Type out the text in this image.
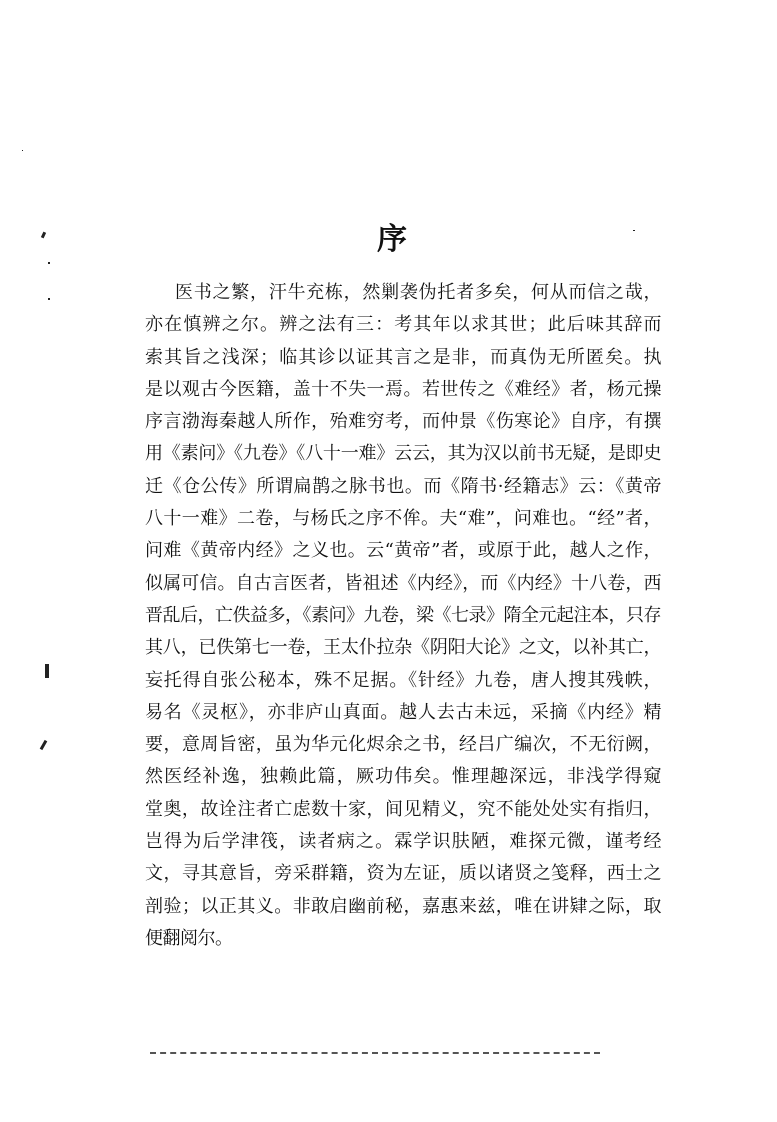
序
医书之繁，汗牛充栋，然剿袭伪托者多矣，何从而信之哉，
亦在慎辨之尔。辨之法有三：考其年以求其世；此后味其辞而
索其旨之浅深；临其诊以证其言之是非，而真伪无所匿矣。执
是以观古今医籍，盖十不失一焉。若世传之《难经》者，杨元操
序言渤海秦越人所作，殆难穷考，而仲景《伤寒论》自序，有撰
用《素问》《九卷》《八十一难》云云，其为汉以前书无疑，是即史
迁《仓公传》所谓扁鹊之脉书也。而《隋书·经籍志》云：《黄帝
八十一难》二卷，与杨氏之序不侔。夫“难”，问难也。“经”者，
问难《黄帝内经》之义也。云“黄帝”者，或原于此，越人之作，
似属可信。自古言医者，皆祖述《内经》，而《内经》十八卷，西
晋乱后，亡佚益多，《素问》九卷，梁《七录》隋全元起注本，只存
其八，已佚第七一卷，王太仆拉杂《阴阳大论》之文，以补其亡，
妄托得自张公秘本，殊不足据。《针经》九卷，唐人搜其残帙，
易名《灵枢》，亦非庐山真面。越人去古未远，采摘《内经》精
要，意周旨密，虽为华元化烬余之书，经吕广编次，不无衍阙，
然医经补逸，独赖此篇，厥功伟矣。惟理趣深远，非浅学得窥
堂奥，故诠注者亡虑数十家，间见精义，究不能处处实有指归，
岂得为后学津筏，读者病之。霖学识肤陋，难探元微，谨考经
文，寻其意旨，旁采群籍，资为左证，质以诸贤之笺释，西士之
剖验；以正其义。非敢启幽前秘，嘉惠来兹，唯在讲肄之际，取
便翻阅尔。
